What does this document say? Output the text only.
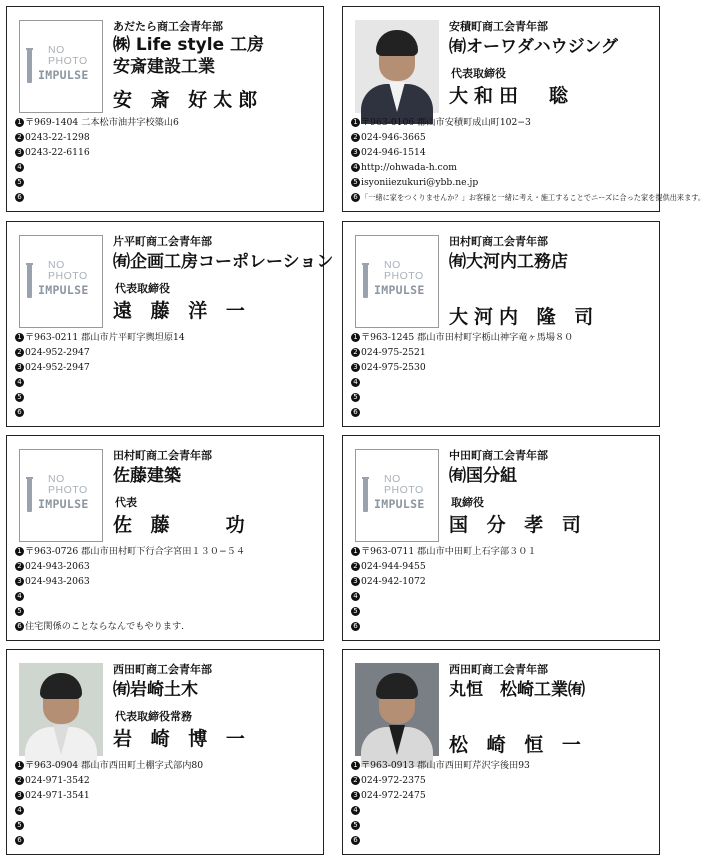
NO
PHOTO
IMPULSE
あだたら商工会青年部
㈱ Life style 工房
安斎建設工業
安 斎 好太郎
1 〒969-1404 二本松市油井字校築山6
2 0243-22-1298
3 0243-22-6116
4
5
6
安積町商工会青年部
㈲オーワダハウジング
代表取締役
大和田　聡
1 〒963-0106 郡山市安積町成山町102−3
2 024-946-3665
3 024-946-1514
4 http://ohwada-h.com
5 isyoniiezukuri@ybb.ne.jp
6 「一緒に家をつくりませんか？」お客様と一緒に考え・施工することでニーズに合った家を提供出来ます。
NO
PHOTO
IMPULSE
片平町商工会青年部
㈲企画工房コーポレーション
代表取締役
遠 藤 洋 一
1 〒963-0211 郡山市片平町字輿坦原14
2 024-952-2947
3 024-952-2947
4
5
6
NO
PHOTO
IMPULSE
田村町商工会青年部
㈲大河内工務店
大河内 隆 司
1 〒963-1245 郡山市田村町字栃山神字竜ヶ馬場８０
2 024-975-2521
3 024-975-2530
4
5
6
NO
PHOTO
IMPULSE
田村町商工会青年部
佐藤建築
代表
佐 藤　　功
1 〒963-0726 郡山市田村町下行合字宮田１３０−５４
2 024-943-2063
3 024-943-2063
4
5
6 住宅関係のことならなんでもやります.
NO
PHOTO
IMPULSE
中田町商工会青年部
㈲国分組
取締役
国 分 孝 司
1 〒963-0711 郡山市中田町上石字部３０１
2 024-944-9455
3 024-942-1072
4
5
6
西田町商工会青年部
㈲岩崎土木
代表取締役常務
岩 崎 博 一
1 〒963-0904 郡山市西田町土棚字式部内80
2 024-971-3542
3 024-971-3541
4
5
6
西田町商工会青年部
丸恒　松崎工業㈲
松 崎 恒 一
1 〒963-0913 郡山市西田町芹沢字後田93
2 024-972-2375
3 024-972-2475
4
5
6
